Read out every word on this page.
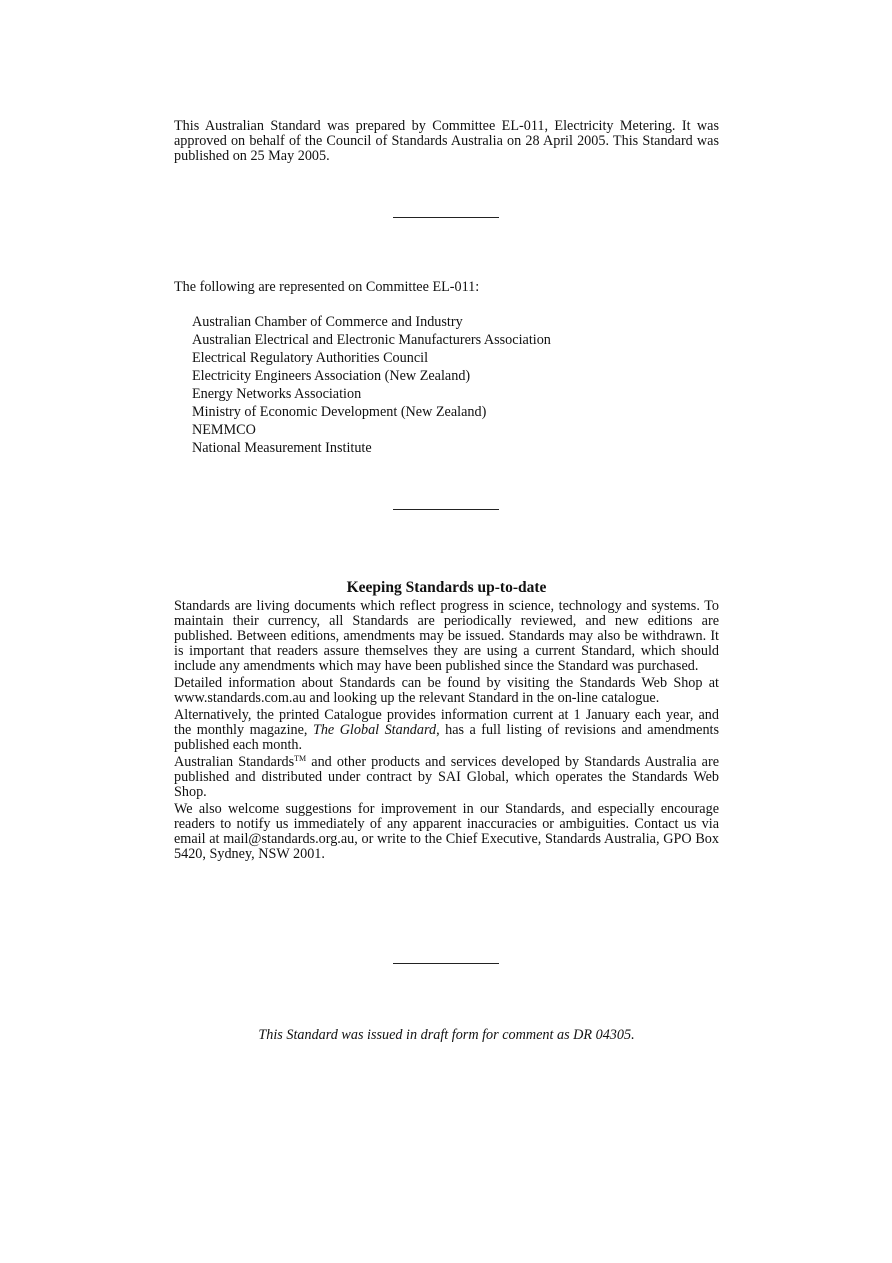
This Australian Standard was prepared by Committee EL-011, Electricity Metering. It was approved on behalf of the Council of Standards Australia on 28 April 2005. This Standard was published on 25 May 2005.
The following are represented on Committee EL-011:
Australian Chamber of Commerce and Industry
Australian Electrical and Electronic Manufacturers Association
Electrical Regulatory Authorities Council
Electricity Engineers Association (New Zealand)
Energy Networks Association
Ministry of Economic Development (New Zealand)
NEMMCO
National Measurement Institute
Keeping Standards up-to-date

Standards are living documents which reflect progress in science, technology and systems. To maintain their currency, all Standards are periodically reviewed, and new editions are published. Between editions, amendments may be issued. Standards may also be withdrawn. It is important that readers assure themselves they are using a current Standard, which should include any amendments which may have been published since the Standard was purchased.

Detailed information about Standards can be found by visiting the Standards Web Shop at www.standards.com.au and looking up the relevant Standard in the on-line catalogue.

Alternatively, the printed Catalogue provides information current at 1 January each year, and the monthly magazine, The Global Standard, has a full listing of revisions and amendments published each month.

Australian Standards™ and other products and services developed by Standards Australia are published and distributed under contract by SAI Global, which operates the Standards Web Shop.

We also welcome suggestions for improvement in our Standards, and especially encourage readers to notify us immediately of any apparent inaccuracies or ambiguities. Contact us via email at mail@standards.org.au, or write to the Chief Executive, Standards Australia, GPO Box 5420, Sydney, NSW 2001.

This Standard was issued in draft form for comment as DR 04305.
